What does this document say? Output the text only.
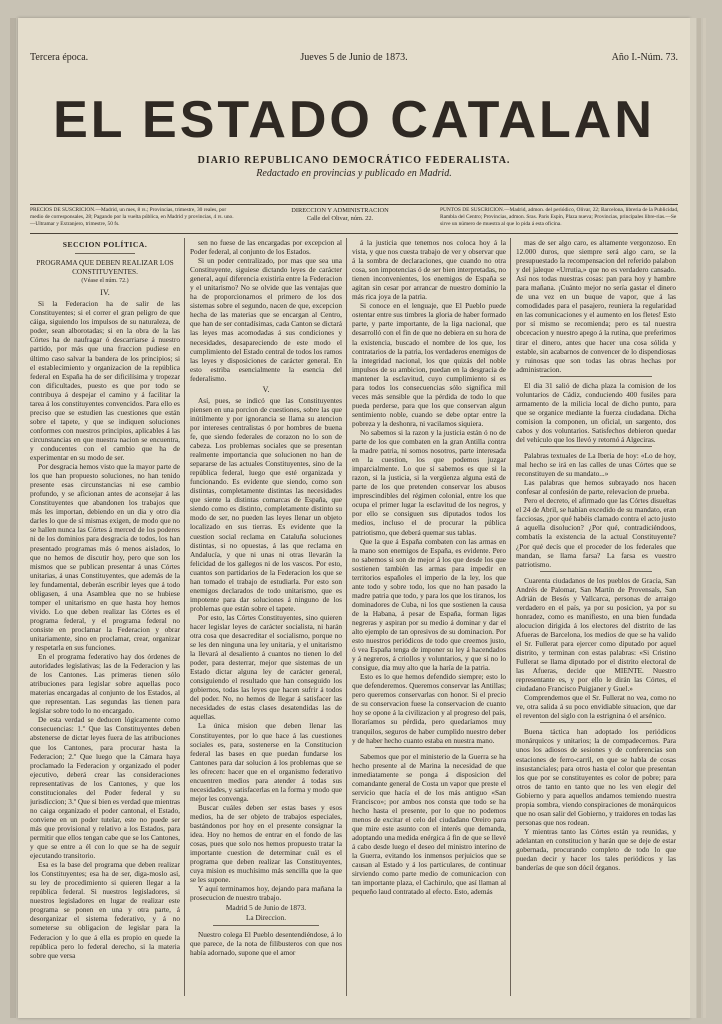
Tercera época.	Jueves 5 de Junio de 1873.	Año I.-Núm. 73.
EL ESTADO CATALAN
DIARIO REPUBLICANO DEMOCRÁTICO FEDERALISTA.
Redactado en provincias y publicado en Madrid.
PRECIOS DE SUSCRICION.—Madrid, un mes, 8 rs.; Provincias, trimestre, 30 reales, por medio de corresponsales, 28; Pagando por la vuelta pública, en Madrid y provincias, 4 rs. uno.—Ultramar y Extranjero, trimestre, 50 fs.
DIRECCION Y ADMINISTRACION
Calle del Olivar, núm. 22.
PUNTOS DE SUSCRICION.—Madrid, admon. del periódico, Olivar, 22; Barcelona, libreria de la Publicidad, Rambla del Centro; Provincias, admon. Sras. Paris Espín, Plaza nueva; Provincias, principales libre-rias.—Se sirve un número de muestra al que lo pida á esta oficina.
SECCION POLÍTICA.
PROGRAMA QUE DEBEN REALIZAR LOS CONSTITUYENTES.
(Véase el núm. 72.)
IV.

Si la Federacion ha de salir de las Constituyentes; si el correr el gran peligro de que cáiga, siguiendo los impulsos de su naturaleza, de poder, sean alborotadas; si en la obra de la las Córtes ha de naufragar ó descarriarse á nuestro partido, por más que una fraccion pudiese en último caso salvar la bandera de los principios; si el establecimiento y organizacion de la república federal en España ha de ser dificilísima y tropezar con dificultades, puesto es que por todo se contribuya á despejar el camino y á facilitar la tarea á los constituyentes convencidos. Para ello es preciso que se estudien las cuestiones que están sobre el tapete, y que se indiquen soluciones conformes con nuestros principios, aplicables á las circunstancias en que nuestra nacion se encuentra, y conducentes con el cambio que ha de experimentar en su modo de ser.

Por desgracia hemos visto que la mayor parte de los que han propuesto soluciones, no han tenido presente esas circunstancias ni ese cambio profundo, y se aficionan antes de aconsejar á las Constituyentes que abandonen los trabajos que más les importan, debiendo en un dia y otro dia darles lo que de sí mismas exigen, de modo que no se hallen nunca las Córtes á merced de los poderes ni de los dominios para desgracia de todos, los han presentado programas más ó menos aislados, lo que no hemos de discutir hoy, pero que son los mismos que se publican presentar á unas Córtes unitarias, á unas Constituyentes, que además de la ley fundamental, deberán escribir leyes que á todo obligasen, á una Asamblea que no se hubiese tomper el unitarismo en que hasta hoy hemos vivido. Lo que deben realizar las Córtes es el programa federal, y el programa federal no consiste en proclamar la Federacion y obrar unitariamente, sino en proclamar, crear, organizar y respetarla en sus funciones.

En el programa federativo hay dos órdenes de autoridades legislativas; las de la Federacion y las de los Cantones. Las primeras tienen sólo atribuciones para legislar sobre aquellas poco materias encargadas al conjunto de los Estados, al que representan. Las segundas las tienen para legislar sobre todo lo no encargado.

De esta verdad se deducen lógicamente como consecuencias: 1.º Que las Constituyentes deben abstenerse de dictar leyes fuera de las atribuciones que los Cantones, para procurar hasta la Federacion; 2.º Que luego que la Cámara haya proclamado la Federacion y organizado el poder ejecutivo, deberá crear las consideraciones representativas de los Cantones, y que los constitucionales del Poder federal y su jurisdiccion; 3.º Que si bien es verdad que mientras no caiga organizado el poder cantonal, el Estado, conviene en un poder tutelar, este no puede ser más que provisional y relativo a los Estados, para permitir que ellos tengan cabe que se los Cantones, y que se entre a él con lo que se ha de seguir ejecutando transitorio.

Esa es la base del programa que deben realizar los Constituyentes; esa ha de ser, diga-moslo así, su ley de procedimiento si quieren llegar a la república federal. Si nuestros legisladores, si nuestros legisladores en lugar de realizar este programa se ponen en una y otra parte, á desorganizar el sistema federativo, y á no someterse su obligacion de legislar para la Federacion y lo que á ella es propio en quede la república pero lo federal derecho, si la materia sobre que versa

sen no fuese de las encargadas por excepcion al Poder federal, al conjunto de los Estados.

Si un poder centralizado, por mas que sea una Constituyente, siguiese dictando leyes de carácter general, aquí diferencia existiría entre la Federacion y el unitarismo? No se olvide que las ventajas que ha de proporcionarnos el primero de los dos sistemas sobre el segundo, nacen de que, excepcion hecha de las materias que se encargan al Centro, que han de ser contadísimas, cada Canton se dictará las leyes mas acomodadas á sus condiciones y necesidades, desapareciendo de este modo el cumplimiento del Estado central de todos los ramos las leyes y disposiciones de carácter general. En esto estriba esencialmente la esencia del federalismo.

V.

Así, pues, se indicó que las Constituyentes piensen en una porcion de cuestiones, sobre las que inútilmente y por ignorancia se llama su atencion por intereses centralistas ó por hombres de buena fe, que siendo federales de corazon no lo son de cabeza. Los problemas sociales que se presentan realmente importancia que solucionen no han de separarse de las actuales Constituyentes, sino de la república federal, luego que esté organizada y funcionando. Es evidente que siendo, como son distintas, completamente distintas las necesidades que siente la distintas comarcas de España, que siendo como es distinto, completamente distinto su modo de ser, no pueden las leyes llenar un objeto localizado en sus tierras. Es evidente que la cuestion social reclama en Cataluña soluciones distintas, si no opuestas, á las que reclama en Andalucía, y que ni unas ni otras llevarán la felicidad de los gallegos ni de los vascos. Por esto, cuantos son partidarios de la Federacion los que se han tomado el trabajo de estudiarla. Por esto son enemigos declarados de todo unitarismo, que es impotente para dar soluciones á ninguno de los problemas que están sobre el tapete.

Por esto, las Córtes Constituyentes, sino quieren hacer legislar leyes de carácter socialista, ni harán otra cosa que desacreditar el socialismo, porque no se les den ninguna una ley unitaria, y el unitarismo la llevará al desaliento á cuantos no tienen lo del poder, para desterrar, mejor que sistemas de un Estado dictar alguna ley de carácter general, consiguiendo el resultado que han conseguido los gobiernos, todas las leyes que hacen sufrir á todos del poder. No, no hemos de llegar á satisfacer las necesidades de estas clases desatendidas las de aquellas.

La única mision que deben llenar las Constituyentes, por lo que hace á las cuestiones sociales es, para, sostenerse en la Constitucion federal las bases en que puedan fundarse los Cantones para dar solucion á los problemas que se les ofrecen: hacer que en el organismo federativo encuentren medios para atender á todas sus necesidades, y satisfacerlas en la forma y modo que mejor les convenga.

Buscar cuáles deben ser estas bases y esos medios, ha de ser objeto de trabajos especiales, bastándonos por hoy en el presente consignar la idea. Hoy no hemos de entrar en el fondo de las cosas, pues que solo nos hemos propuesto tratar la importante cuestion de determinar cuál es el programa que deben realizar las Constituyentes, cuya mision es muchísimo más sencilla que la que se les supone.

Y aquí terminamos hoy, dejando para mañana la prosecucion de nuestro trabajo.

Madrid 5 de Junio de 1873.
La Direccion.

Nuestro colega El Pueblo desentendiéndose, á lo que parece, de la nota de filibusteros con que nos había adornado, supone que el amor

á la justicia que tenemos nos coloca hoy á la vista, y que nos cuesta trabajo de ver y observar que á la sombra de declaraciones, que cuando no otra cosa, son impotencias ó de ser bien interpretadas, no tienen inconvenientes, los enemigos de España se agitan sin cesar por arrancar de nuestro dominio la más rica joya de la patria.

Si conoce en el lenguaje, que El Pueblo puede ostentar entre sus timbres la gloria de haber formado parte, y parte importante, de la liga nacional, que desarrolló con el fin de que no debiera en su hora de la existencia, buscado el nombre de los que, los contratarios de la patria, los verdaderos enemigos de la integridad nacional, los que quizás del noble impulsos de su ambicion, puedan en la desgracia de mantener la esclavitud, cuyo cumplimiento si es para todos los consecuencias sólo significa mil veces más sensible que la pérdida de todo lo que pueda perderse, para que los que conservan algun sentimiento noble, cuando se debe optar entre la pobreza y la deshonra, ni vacilamos siquiera.

No sabemos si la razon y la justicia están ó no de parte de los que combaten en la gran Antilla contra la madre patria, ni somos nosotros, parte interesada en la cuestion, los que podemos juzgar imparcialmente. Lo que sí sabemos es que si la razon, si la justicia, si la vergüenza alguna está de parte de los que pretenden conservar los abusos imprescindibles del régimen colonial, entre los que ocupa el primer lugar la esclavitud de los negros, y por ello se consiguen sus diputados todos los medios, incluso el de procurar la pública patriotismo, que deberá quemar sus tablas.

Que la que á España combaten con las armas en la mano son enemigos de España, es evidente. Pero no sabemos si son de mejor á los que desde los que sostienen también las armas para impedir en territorios españoles el imperio de la ley, los que ante todo y sobre todo, los que no han pasado la madre patria que todo, y para los que los tiranos, los dominadores de Cuba, ni los que sostienen la causa de la Habana, á pesar de España, forman ligas negreras y aspiran por su medio á dominar y dar el alto ejemplo de tan opresivos de su dominacion. Por esto nuestros periódicos de todo que creemos justo, ó vea España tenga de imponer su ley á hacendados y á negreros, á criollos y voluntarios, y que si no lo consigue, dia muy alto que la haría de la patria.

Esto es lo que hemos defendido siempre; esto lo que defenderemos. Queremos conservar las Antillas; pero queremos conservarlas con honor. Si el precio de su conservacion fuese la conservacion de cuanto hoy se opone á la civilizacion y al progreso del país, lloraríamos su pérdida, pero quedaríamos muy tranquilos, seguros de haber cumplido nuestro deber y de haber hecho cuanto estaba en nuestra mano.

Sabemos que por el ministerio de la Guerra se ha hecho presente al de Marina la necesidad de que inmediatamente se ponga á disposicion del comandante general de Costa un vapor que preste el servicio que hacía el de los más antiguo «San Francisco»; por ambos nos consta que todo se ha hecho hasta el presente, por lo que no podemos menos de excitar el celo del ciudadano Oreiro para que mire este asunto con el interés que demanda, adoptando una medida enérgica á fin de que se llevé á cabo desde luego el deseo del ministro interino de la Guerra, evitando los inmensos perjuicios que se causan al Estado y á los particulares, de continuar sirviendo como parte medio de comunicacion con tan importante plaza, el Cachirulo, que así llaman al pequeño laud contratado al efecto. Esto, además

mas de ser algo caro, es altamente vergonzoso. En 12.000 duros, que siempre será algo caro, se la presupuestado la recompensacion del referido palabon y del jaleque «Urrutia,» que no es verdadero cansado. Así nos todas nuestras cosas: pan para hoy y hambre para mañana. ¡Cuánto mejor no sería gastar el dinero de una vez en un buque de vapor, que á las comodidades para el pasajero, reuniera la regularidad en las comunicaciones y el aumento en los fletes! Esto por sí mismo se recomienda; pero es tal nuestra obcecacion y nuestro apego á la rutina, que preferimos tirar el dinero, antes que hacer una cosa sólida y estable, sin acabarnos de convencer de lo dispendiosas y ruinosas que son todas las obras hechas por administracion.

El dia 31 salió de dicha plaza la comision de los voluntarios de Cádiz, conduciendo 400 fusiles para armamento de la milicia local de dicho punto, para que se organice mediante la fuerza ciudadana. Dicha comision la componen, un oficial, un sargento, dos cabos y dos voluntarios. Satisfechos debieron quedar del vehículo que los llevó y retornó á Algeciras.

Palabras textuales de La Iberia de hoy: «Lo de hoy, mal hecho se irá en las calles de unas Córtes que se reconstituyen de su mandato...»

Las palabras que hemos subrayado nos hacen confesar al confesión de parte, relevacion de prueba.

Pero el decreto, el afirmado que las Córtes disueltas el 24 de Abril, se habían excedido de su mandato, eran facciosas, ¿por qué habéis clamado contra el acto justo á aquella disolucion? ¿Por qué, contradiciéndoos, combatís la existencia de la actual Constituyente? ¿Por qué decís que el proceder de los federales que mandan, se llama farsa? La farsa es vuestro patriotismo.

Cuarenta ciudadanos de los pueblos de Gracia, San Andrés de Palomar, San Martín de Provensals, San Adrián de Besós y Vallcarca, personas de arraigo verdadero en el país, ya por su posicion, ya por su honradez, como es manifiesto, en una bien fundada alocucion dirigida á los electores del distrito de las Afueras de Barcelona, los medios de que se ha valido el Sr. Fullerat para ejercer como diputado por aquel distrito, y terminan con estas palabras: «Si Cristino Fullerat se llama diputado por el distrito electoral de las Afueras, decide que MIENTE. Nuestro representante es, y por ello le dirán las Córtes, el ciudadano Francisco Puigjaner y Guel.»

Comprendemos que el Sr. Fullerat no vea, como no ve, otra salida á su poco envidiable situacion, que dar el reventon del siglo con la estrignina ó el arsénico.

Buena táctica han adoptado los periódicos monárquicos y unitarios; la de compadecernos. Para unos los adiosos de sesiones y de conferencias son estaciones de ferro-carril, en que se habla de cosas insustanciales; para otros hasta el color que presentan los que por se constituyentes es color de pobre; para otros de tanto en tanto que no les ven elegir del Gobierno y para aquellos andamos temiendo nuestra propia sombra, viendo conspiraciones de monárquicos que no osan salir del Gobierno, y traidores en todas las personas que nos rodean.

Y mientras tanto las Córtes están ya reunidas, y adelantan en constitucion y harán que se deje de estar gobernada, procurando completo de todo lo que puedan decir y hacer los tales periódicos y las banderías de que son dócil órganos.
